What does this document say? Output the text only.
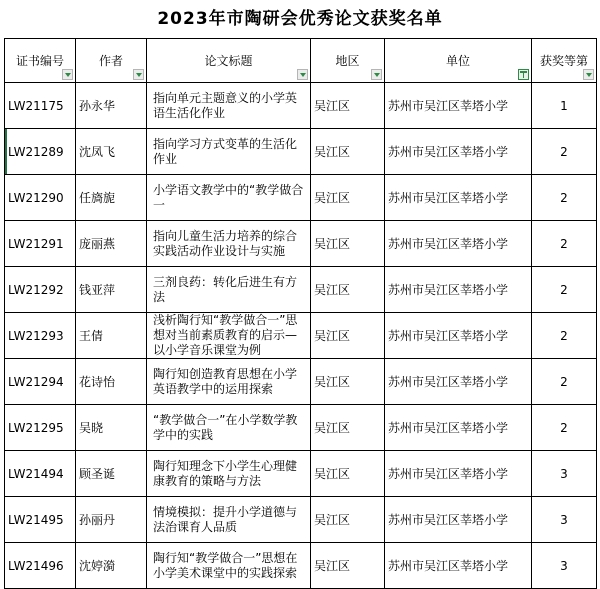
2023年市陶研会优秀论文获奖名单
证书编号	作者	论文标题	地区	单位	获奖等第

LW21175	孙永华	指向单元主题意义的小学英语生活化作业	吴江区	苏州市吴江区莘塔小学	1
LW21289	沈凤飞	指向学习方式变革的生活化作业	吴江区	苏州市吴江区莘塔小学	2
LW21290	任旖旎	小学语文教学中的“教学做合一	吴江区	苏州市吴江区莘塔小学	2
LW21291	庞丽燕	指向儿童生活力培养的综合实践活动作业设计与实施	吴江区	苏州市吴江区莘塔小学	2
LW21292	钱亚萍	三剂良药：转化后进生有方法	吴江区	苏州市吴江区莘塔小学	2
LW21293	王倩	浅析陶行知“教学做合一”思想对当前素质教育的启示—以小学音乐课堂为例	吴江区	苏州市吴江区莘塔小学	2
LW21294	花诗怡	陶行知创造教育思想在小学英语教学中的运用探索	吴江区	苏州市吴江区莘塔小学	2
LW21295	吴晓	“教学做合一”在小学数学教学中的实践	吴江区	苏州市吴江区莘塔小学	2
LW21494	顾圣诞	陶行知理念下小学生心理健康教育的策略与方法	吴江区	苏州市吴江区莘塔小学	3
LW21495	孙丽丹	情境模拟：提升小学道德与法治课育人品质	吴江区	苏州市吴江区莘塔小学	3
LW21496	沈婷漪	陶行知“教学做合一”思想在小学美术课堂中的实践探索	吴江区	苏州市吴江区莘塔小学	3
